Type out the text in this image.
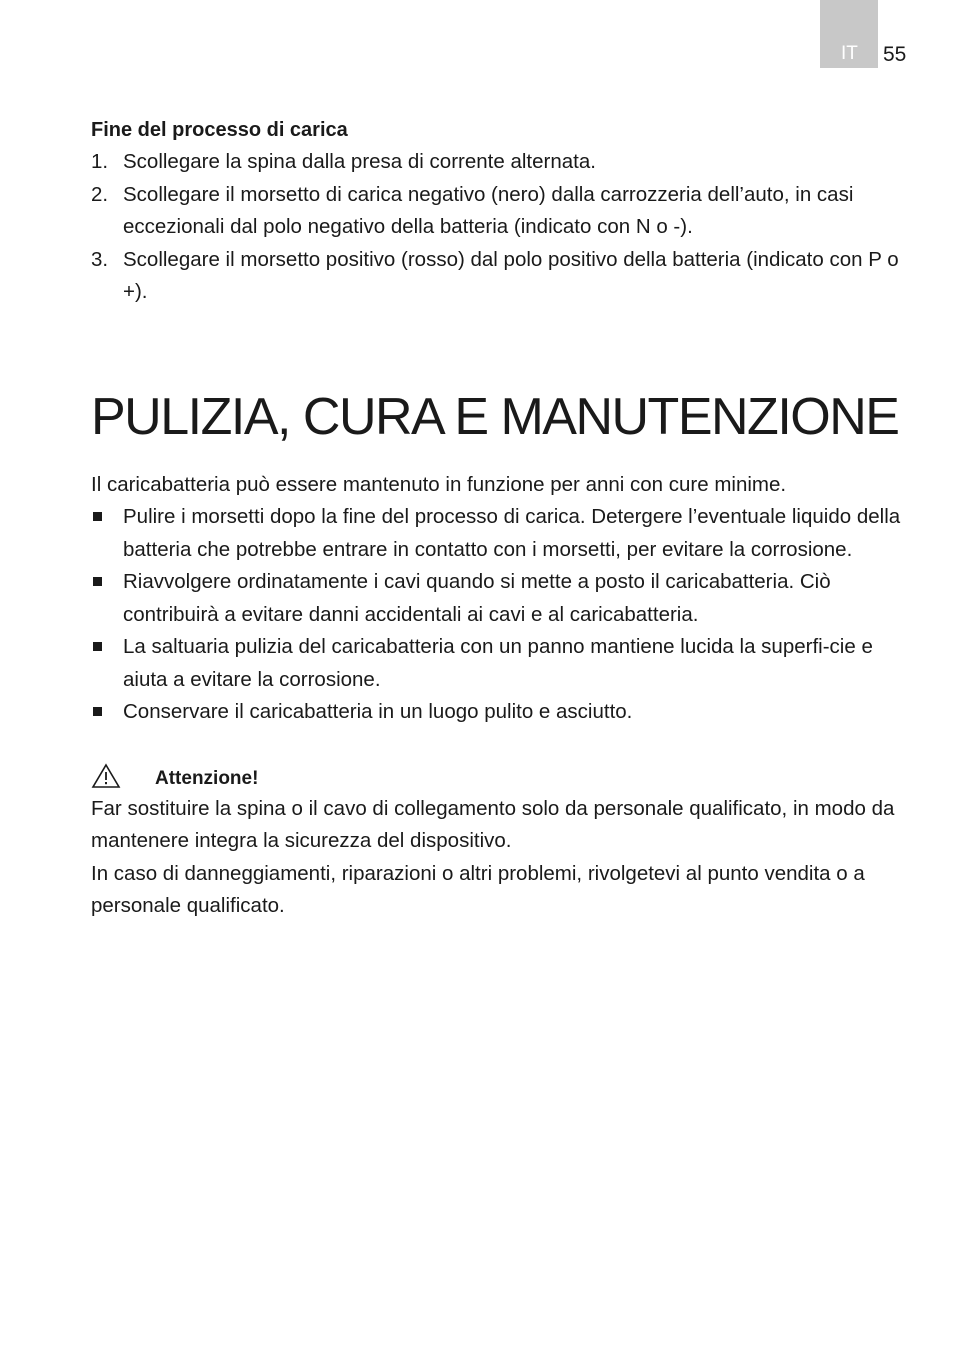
IT 55
Fine del processo di carica
1. Scollegare la spina dalla presa di corrente alternata.
2. Scollegare il morsetto di carica negativo (nero) dalla carrozzeria dell’auto, in casi eccezionali dal polo negativo della batteria (indicato con N o -).
3. Scollegare il morsetto positivo (rosso) dal polo positivo della batteria (indicato con P o +).
PULIZIA, CURA E MANUTENZIONE

Il caricabatteria può essere mantenuto in funzione per anni con cure minime.

Pulire i morsetti dopo la fine del processo di carica. Detergere l’eventuale liquido della batteria che potrebbe entrare in contatto con i morsetti, per evitare la corrosione.
Riavvolgere ordinatamente i cavi quando si mette a posto il caricabatteria. Ciò contribuirà a evitare danni accidentali ai cavi e al caricabatteria.
La saltuaria pulizia del caricabatteria con un panno mantiene lucida la superfi-cie e aiuta a evitare la corrosione.
Conservare il caricabatteria in un luogo pulito e asciutto.
Attenzione!

Far sostituire la spina o il cavo di collegamento solo da personale qualificato, in modo da mantenere integra la sicurezza del dispositivo.

In caso di danneggiamenti, riparazioni o altri problemi, rivolgetevi al punto vendita o a personale qualificato.
